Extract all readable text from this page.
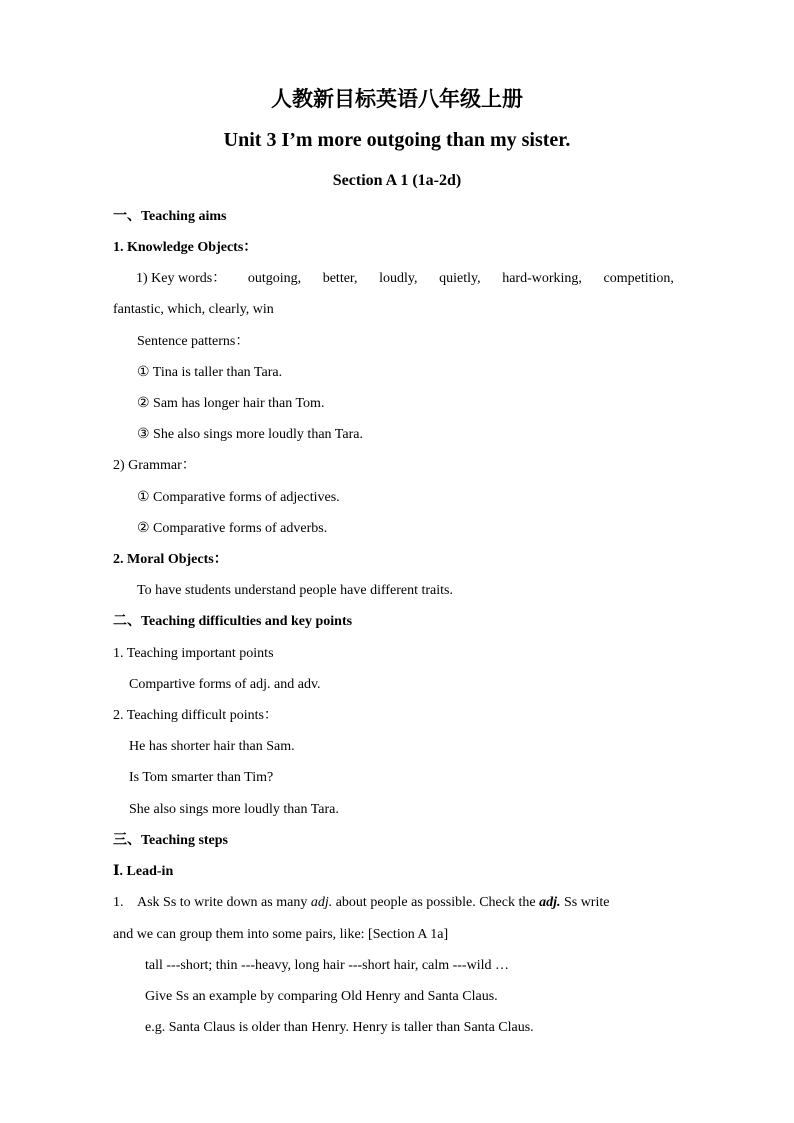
人教新目标英语八年级上册
Unit 3 I’m more outgoing than my sister.
Section A 1 (1a-2d)
一、Teaching aims
1. Knowledge Objects：
1) Key words： outgoing, better, loudly, quietly, hard-working, competition,
fantastic, which, clearly, win
Sentence patterns：
① Tina is taller than Tara.
② Sam has longer hair than Tom.
③ She also sings more loudly than Tara.
2) Grammar：
① Comparative forms of adjectives.
② Comparative forms of adverbs.
2. Moral Objects：
To have students understand people have different traits.
二、Teaching difficulties and key points
1. Teaching important points
Compartive forms of adj. and adv.
2. Teaching difficult points：
He has shorter hair than Sam.
Is Tom smarter than Tim?
She also sings more loudly than Tara.
三、Teaching steps
Ⅰ. Lead-in
1. Ask Ss to write down as many adj. about people as possible. Check the adj. Ss write
and we can group them into some pairs, like: [Section A 1a]
tall ---short; thin ---heavy, long hair ---short hair, calm ---wild …
Give Ss an example by comparing Old Henry and Santa Claus.
e.g. Santa Claus is older than Henry. Henry is taller than Santa Claus.
